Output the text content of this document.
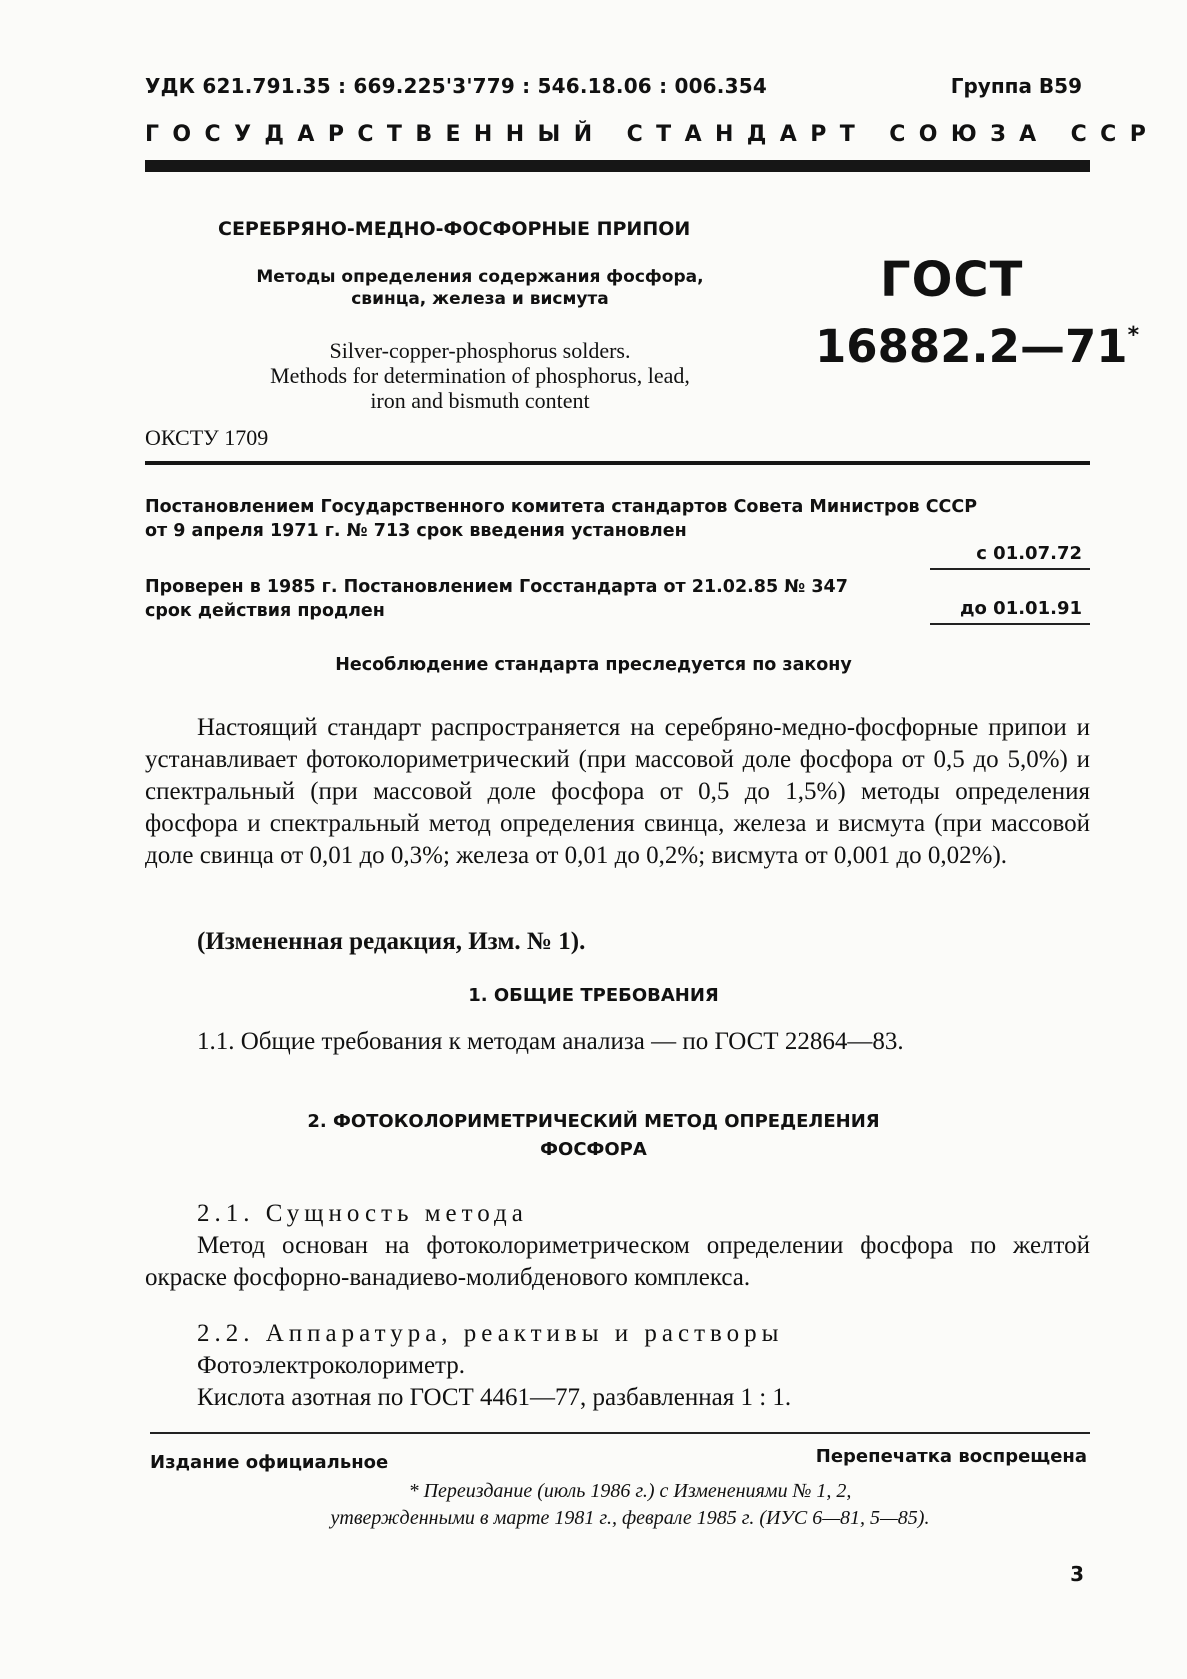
УДК 621.791.35 : 669.225'3'779 : 546.18.06 : 006.354	Группа В59
ГОСУДАРСТВЕННЫЙ СТАНДАРТ СОЮЗА ССР
СЕРЕБРЯНО-МЕДНО-ФОСФОРНЫЕ ПРИПОИ
Методы определения содержания фосфора,
свинца, железа и висмута
Silver-copper-phosphorus solders.
Methods for determination of phosphorus, lead,
iron and bismuth content
ГОСТ
16882.2—71*
ОКСТУ 1709
Постановлением Государственного комитета стандартов Совета Министров СССР
от 9 апреля 1971 г. № 713 срок введения установлен
с 01.07.72
Проверен в 1985 г. Постановлением Госстандарта от 21.02.85 № 347
срок действия продлен	до 01.01.91
Несоблюдение стандарта преследуется по закону
Настоящий стандарт распространяется на серебряно-медно-фосфорные припои и устанавливает фотоколориметрический (при массовой доле фосфора от 0,5 до 5,0%) и спектральный (при массовой доле фосфора от 0,5 до 1,5%) методы определения фосфора и спектральный метод определения свинца, железа и висмута (при массовой доле свинца от 0,01 до 0,3%; железа от 0,01 до 0,2%; висмута от 0,001 до 0,02%).
(Измененная редакция, Изм. № 1).
1. ОБЩИЕ ТРЕБОВАНИЯ
1.1. Общие требования к методам анализа — по ГОСТ 22864—83.
2. ФОТОКОЛОРИМЕТРИЧЕСКИЙ МЕТОД ОПРЕДЕЛЕНИЯ
ФОСФОРА
2.1. Сущность метода
Метод основан на фотоколориметрическом определении фосфора по желтой окраске фосфорно-ванадиево-молибденового комплекса.
2.2. Аппаратура, реактивы и растворы
Фотоэлектроколориметр.
Кислота азотная по ГОСТ 4461—77, разбавленная 1 : 1.
Издание официальное	Перепечатка воспрещена
* Переиздание (июль 1986 г.) с Изменениями № 1, 2,
утвержденными в марте 1981 г., феврале 1985 г. (ИУС 6—81, 5—85).
3
